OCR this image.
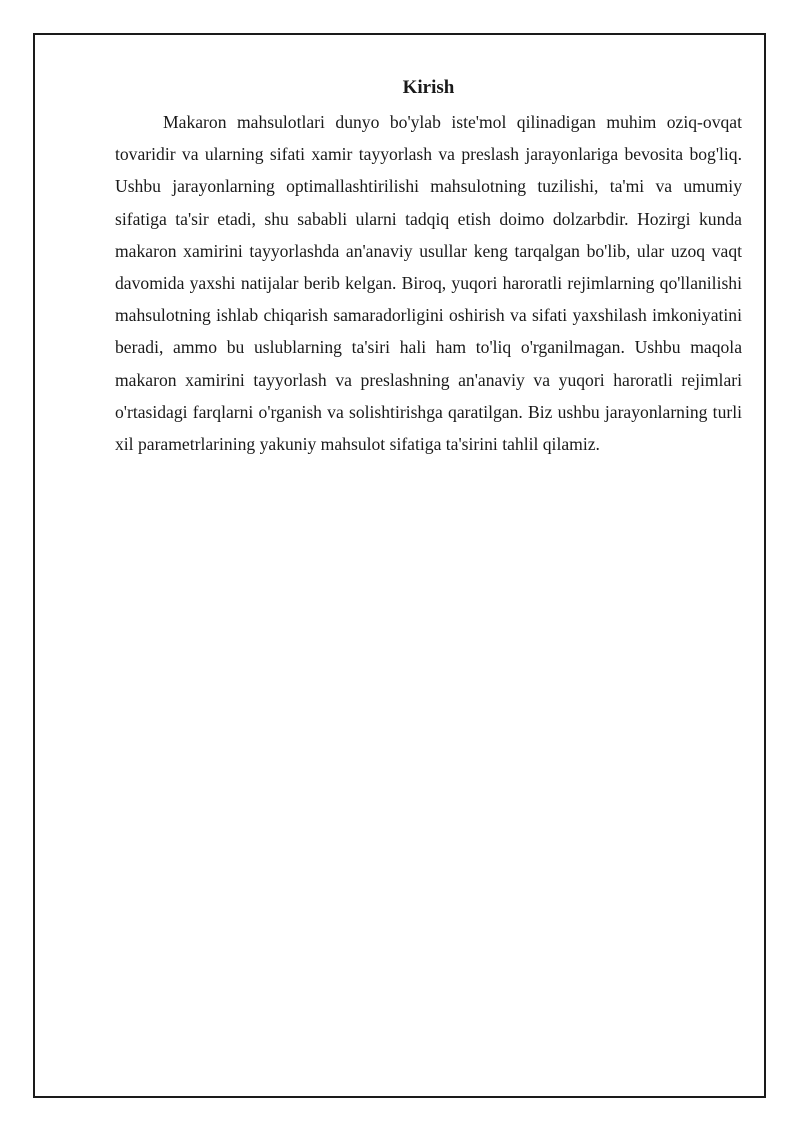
Kirish

Makaron mahsulotlari dunyo bo'ylab iste'mol qilinadigan muhim oziq-ovqat tovaridir va ularning sifati xamir tayyorlash va preslash jarayonlariga bevosita bog'liq. Ushbu jarayonlarning optimallashtirilishi mahsulotning tuzilishi, ta'mi va umumiy sifatiga ta'sir etadi, shu sababli ularni tadqiq etish doimo dolzarbdir. Hozirgi kunda makaron xamirini tayyorlashda an'anaviy usullar keng tarqalgan bo'lib, ular uzoq vaqt davomida yaxshi natijalar berib kelgan. Biroq, yuqori haroratli rejimlarning qo'llanilishi mahsulotning ishlab chiqarish samaradorligini oshirish va sifati yaxshilash imkoniyatini beradi, ammo bu uslublarning ta'siri hali ham to'liq o'rganilmagan. Ushbu maqola makaron xamirini tayyorlash va preslashning an'anaviy va yuqori haroratli rejimlari o'rtasidagi farqlarni o'rganish va solishtirishga qaratilgan. Biz ushbu jarayonlarning turli xil parametrlarining yakuniy mahsulot sifatiga ta'sirini tahlil qilamiz.
